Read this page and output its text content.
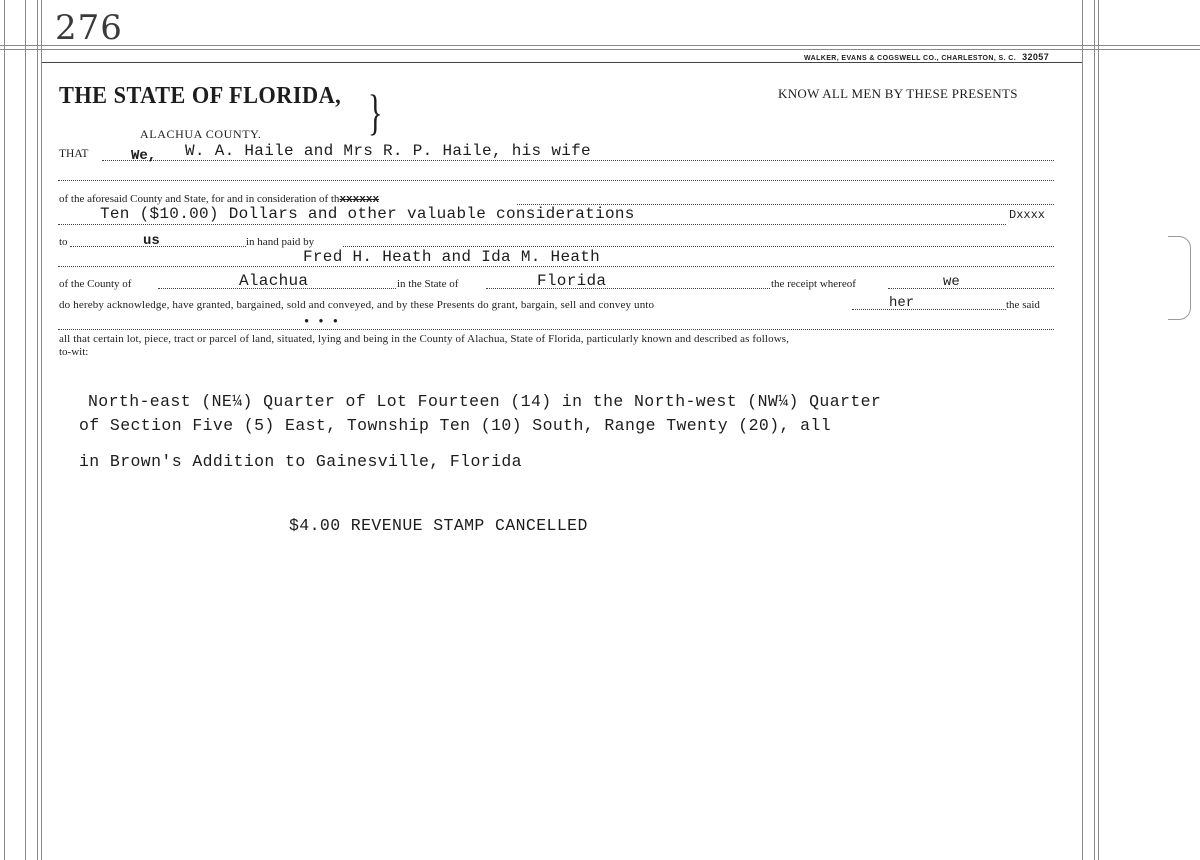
276
WALKER, EVANS & COGSWELL CO., CHARLESTON, S. C. 32057
THE STATE OF FLORIDA, }	KNOW ALL MEN BY THESE PRESENTS
ALACHUA COUNTY.
THAT	We, W. A. Haile and Mrs R. P. Haile, his wife
of the aforesaid County and State, for and in consideration of thxxxxxx
Ten ($10.00) Dollars and other valuable considerations	Dxxxx
to	us	in hand paid by
Fred H. Heath and Ida M. Heath
of the County of	Alachua	in the State of	Florida	the receipt whereof	we
do hereby acknowledge, have granted, bargained, sold and conveyed, and by these Presents do grant, bargain, sell and convey unto	her	the said
• • •
all that certain lot, piece, tract or parcel of land, situated, lying and being in the County of Alachua, State of Florida, particularly known and described as follows,
to-wit:
North-east (NE¼) Quarter of Lot Fourteen (14) in the North-west (NW¼) Quarter
of Section Five (5) East, Township Ten (10) South, Range Twenty (20), all
in Brown's Addition to Gainesville, Florida
$4.00 REVENUE STAMP CANCELLED
